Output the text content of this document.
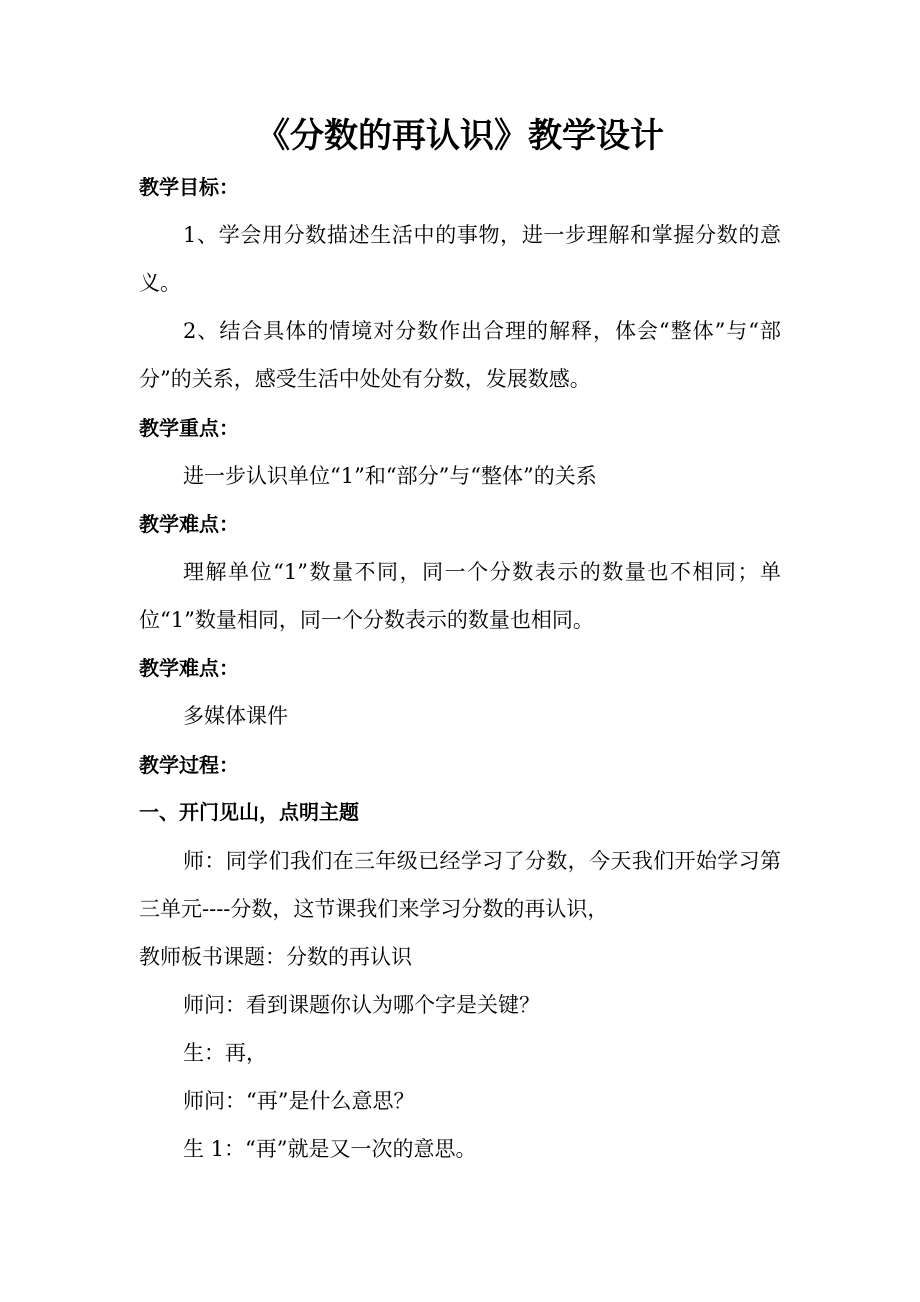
《分数的再认识》教学设计
教学目标：
1、学会用分数描述生活中的事物，进一步理解和掌握分数的意
义。
2、结合具体的情境对分数作出合理的解释，体会“整体”与“部
分”的关系，感受生活中处处有分数，发展数感。
教学重点：
进一步认识单位“1”和“部分”与“整体”的关系
教学难点：
理解单位“1”数量不同，同一个分数表示的数量也不相同；单
位“1”数量相同，同一个分数表示的数量也相同。
教学难点：
多媒体课件
教学过程：
一、开门见山，点明主题
师：同学们我们在三年级已经学习了分数，今天我们开始学习第
三单元----分数，这节课我们来学习分数的再认识，
教师板书课题：分数的再认识
师问：看到课题你认为哪个字是关键？
生：再，
师问：“再”是什么意思？
生 1：“再”就是又一次的意思。
